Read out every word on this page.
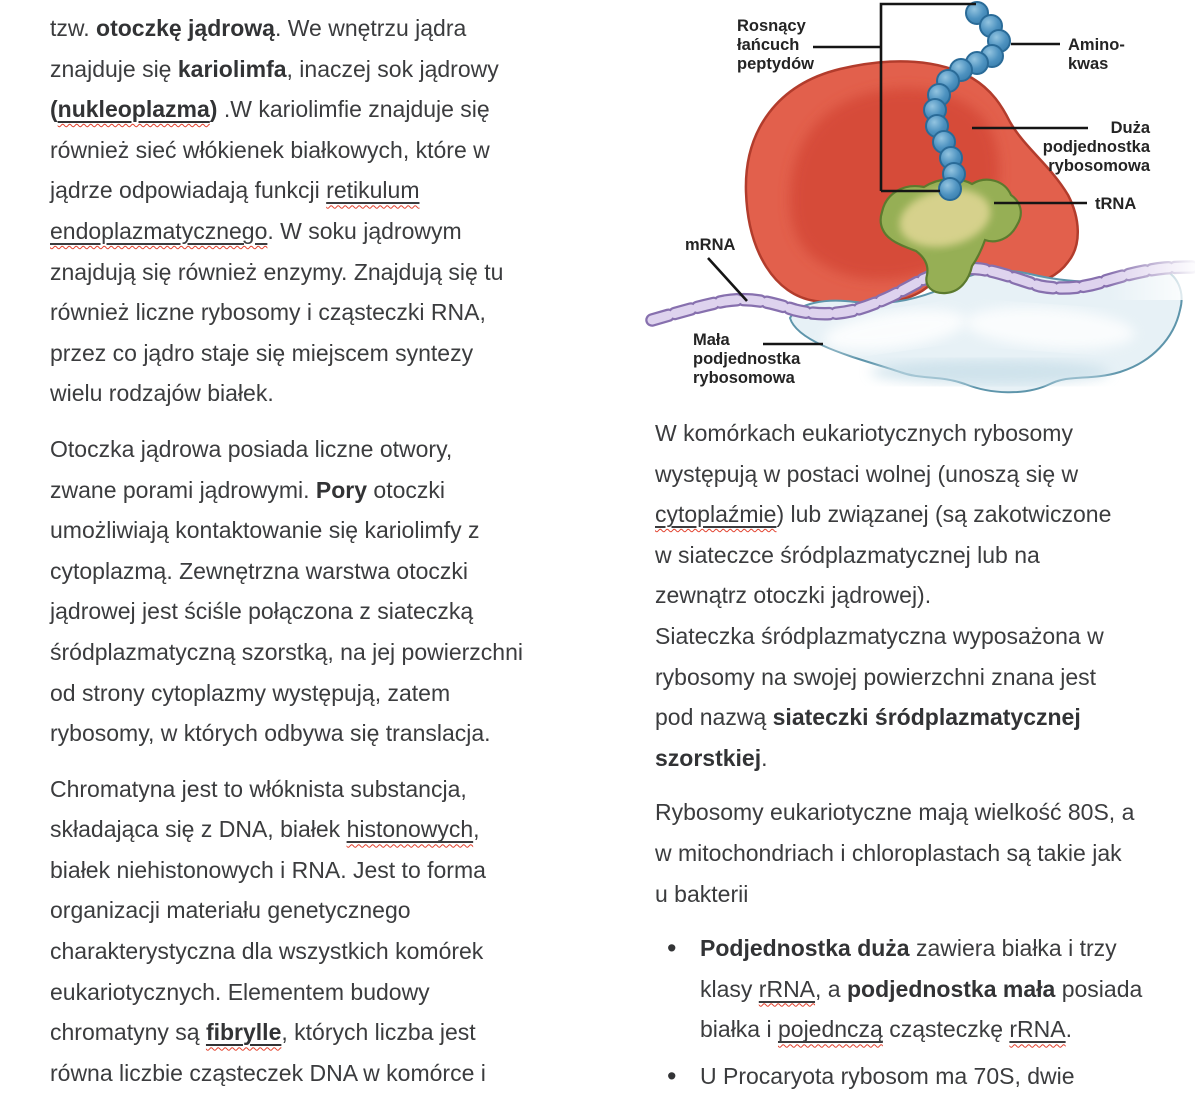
tzw. otoczkę jądrową. We wnętrzu jądra
znajduje się kariolimfa, inaczej sok jądrowy
(nukleoplazma) .W kariolimfie znajduje się
również sieć włókienek białkowych, które w
jądrze odpowiadają funkcji retikulum
endoplazmatycznego. W soku jądrowym
znajdują się również enzymy. Znajdują się tu
również liczne rybosomy i cząsteczki RNA,
przez co jądro staje się miejscem syntezy
wielu rodzajów białek.
Otoczka jądrowa posiada liczne otwory,
zwane porami jądrowymi. Pory otoczki
umożliwiają kontaktowanie się kariolimfy z
cytoplazmą. Zewnętrzna warstwa otoczki
jądrowej jest ściśle połączona z siateczką
śródplazmatyczną szorstką, na jej powierzchni
od strony cytoplazmy występują, zatem
rybosomy, w których odbywa się translacja.
Chromatyna jest to włóknista substancja,
składająca się z DNA, białek histonowych,
białek niehistonowych i RNA. Jest to forma
organizacji materiału genetycznego
charakterystyczna dla wszystkich komórek
eukariotycznych. Elementem budowy
chromatyny są fibrylle, których liczba jest
równa liczbie cząsteczek DNA w komórce i
W komórkach eukariotycznych rybosomy
występują w postaci wolnej (unoszą się w
cytoplaźmie) lub związanej (są zakotwiczone
w siateczce śródplazmatycznej lub na
zewnątrz otoczki jądrowej).
Siateczka śródplazmatyczna wyposażona w
rybosomy na swojej powierzchni znana jest
pod nazwą siateczki śródplazmatycznej
szorstkiej.
Rybosomy eukariotyczne mają wielkość 80S, a
w mitochondriach i chloroplastach są takie jak
u bakterii
• Podjednostka duża zawiera białka i trzy
klasy rRNA, a podjednostka mała posiada
białka i pojednczą cząsteczkę rRNA.
• U Procaryota rybosom ma 70S, dwie
Rosnący
łańcuch
peptydów
Amino-
kwas
Duża
podjednostka
rybosomowa
tRNA
mRNA
Mała
podjednostka
rybosomowa
